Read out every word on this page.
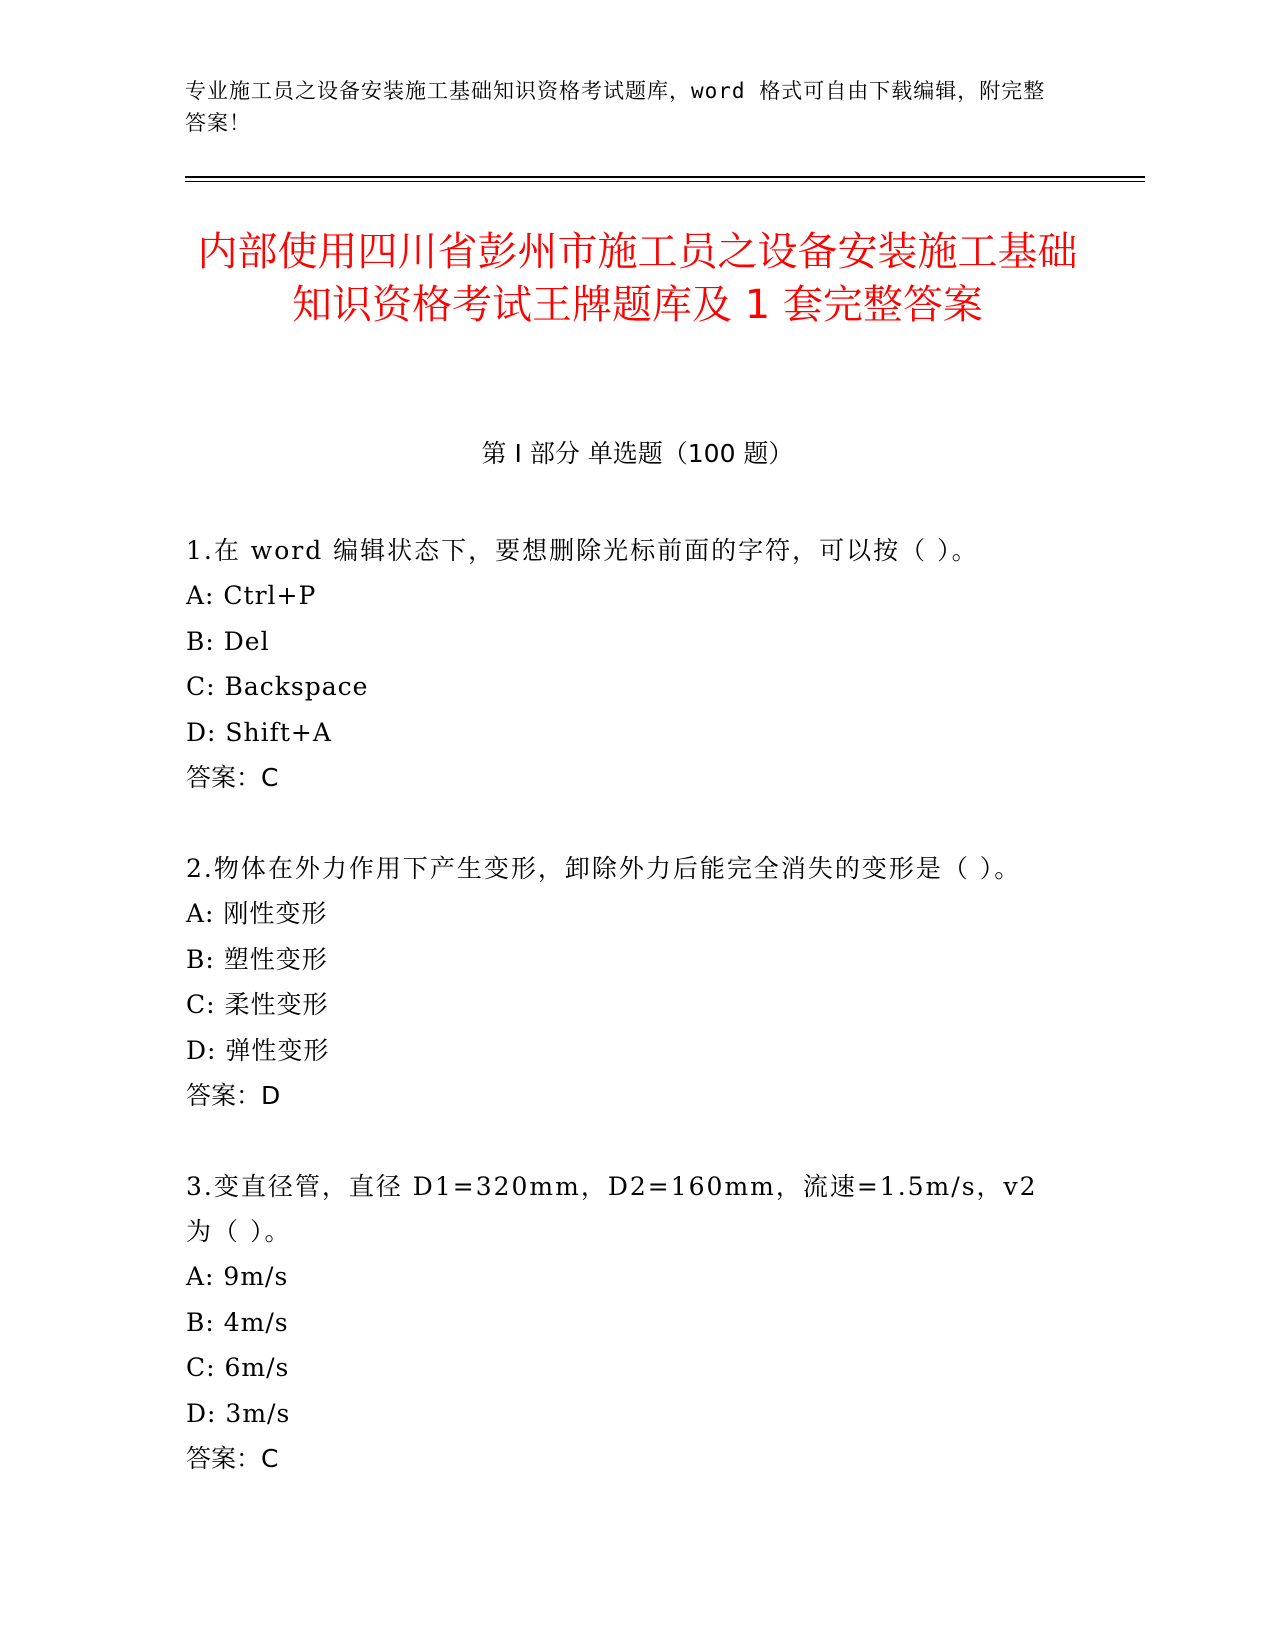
专业施工员之设备安装施工基础知识资格考试题库，word 格式可自由下载编辑，附完整答案！
内部使用四川省彭州市施工员之设备安装施工基础知识资格考试王牌题库及 1 套完整答案
第 I 部分 单选题（100 题）

1.在 word 编辑状态下，要想删除光标前面的字符，可以按（ ）。

A: Ctrl+P

B: Del

C: Backspace

D: Shift+A

答案：C

2.物体在外力作用下产生变形，卸除外力后能完全消失的变形是（ ）。

A: 刚性变形

B: 塑性变形

C: 柔性变形

D: 弹性变形

答案：D

3.变直径管，直径 D1=320mm，D2=160mm，流速=1.5m/s，v2 为（ ）。

A: 9m/s

B: 4m/s

C: 6m/s

D: 3m/s

答案：C
